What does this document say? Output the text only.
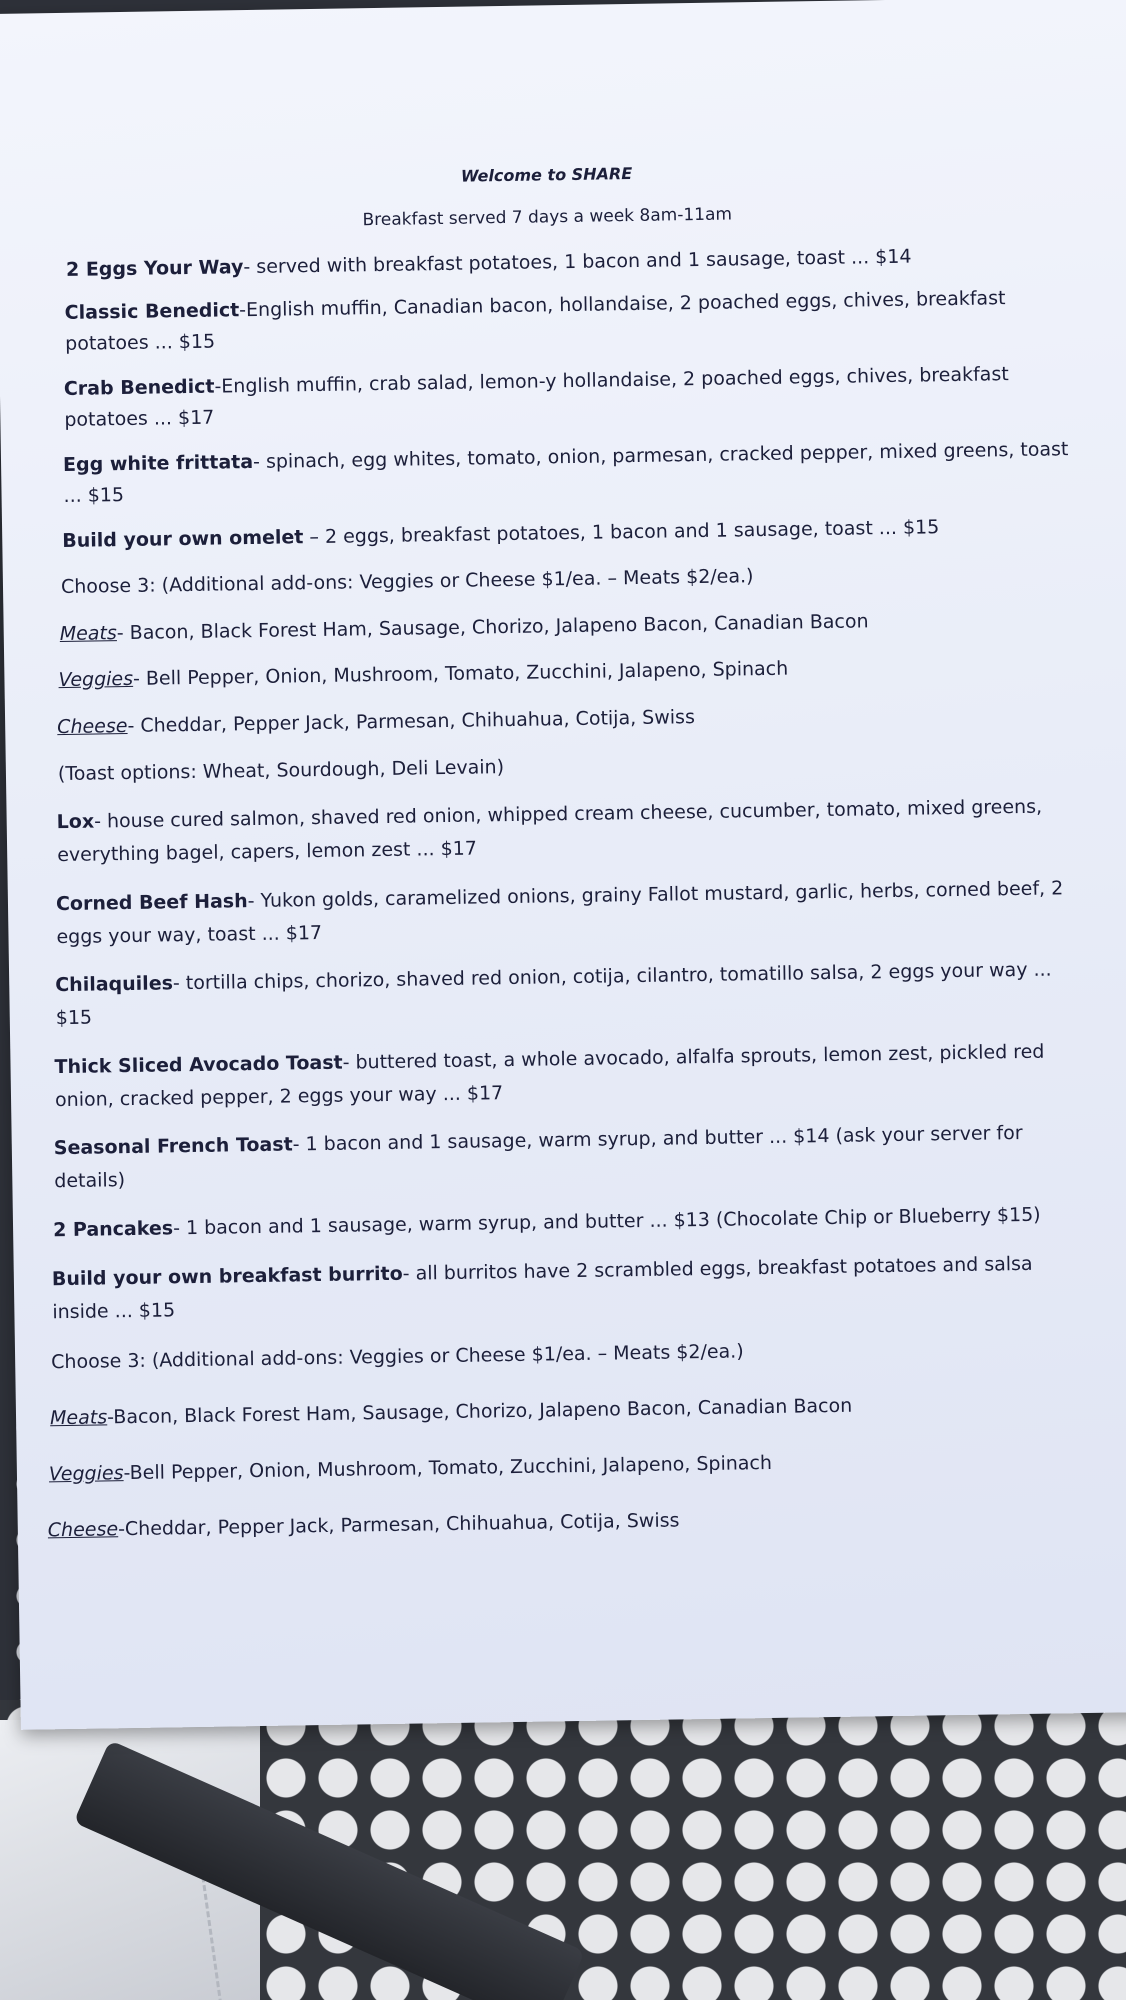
Welcome to SHARE
Breakfast served 7 days a week 8am-11am
2 Eggs Your Way- served with breakfast potatoes, 1 bacon and 1 sausage, toast ... $14
Classic Benedict-English muffin, Canadian bacon, hollandaise, 2 poached eggs, chives, breakfast
potatoes ... $15
Crab Benedict-English muffin, crab salad, lemon-y hollandaise, 2 poached eggs, chives, breakfast
potatoes ... $17
Egg white frittata- spinach, egg whites, tomato, onion, parmesan, cracked pepper, mixed greens, toast
... $15
Build your own omelet – 2 eggs, breakfast potatoes, 1 bacon and 1 sausage, toast ... $15
Choose 3: (Additional add-ons: Veggies or Cheese $1/ea. – Meats $2/ea.)
Meats- Bacon, Black Forest Ham, Sausage, Chorizo, Jalapeno Bacon, Canadian Bacon
Veggies- Bell Pepper, Onion, Mushroom, Tomato, Zucchini, Jalapeno, Spinach
Cheese- Cheddar, Pepper Jack, Parmesan, Chihuahua, Cotija, Swiss
(Toast options: Wheat, Sourdough, Deli Levain)
Lox- house cured salmon, shaved red onion, whipped cream cheese, cucumber, tomato, mixed greens,
everything bagel, capers, lemon zest ... $17
Corned Beef Hash- Yukon golds, caramelized onions, grainy Fallot mustard, garlic, herbs, corned beef, 2
eggs your way, toast ... $17
Chilaquiles- tortilla chips, chorizo, shaved red onion, cotija, cilantro, tomatillo salsa, 2 eggs your way ...
$15
Thick Sliced Avocado Toast- buttered toast, a whole avocado, alfalfa sprouts, lemon zest, pickled red
onion, cracked pepper, 2 eggs your way ... $17
Seasonal French Toast- 1 bacon and 1 sausage, warm syrup, and butter ... $14 (ask your server for
details)
2 Pancakes- 1 bacon and 1 sausage, warm syrup, and butter ... $13 (Chocolate Chip or Blueberry $15)
Build your own breakfast burrito- all burritos have 2 scrambled eggs, breakfast potatoes and salsa
inside ... $15
Choose 3: (Additional add-ons: Veggies or Cheese $1/ea. – Meats $2/ea.)
Meats-Bacon, Black Forest Ham, Sausage, Chorizo, Jalapeno Bacon, Canadian Bacon
Veggies-Bell Pepper, Onion, Mushroom, Tomato, Zucchini, Jalapeno, Spinach
Cheese-Cheddar, Pepper Jack, Parmesan, Chihuahua, Cotija, Swiss
